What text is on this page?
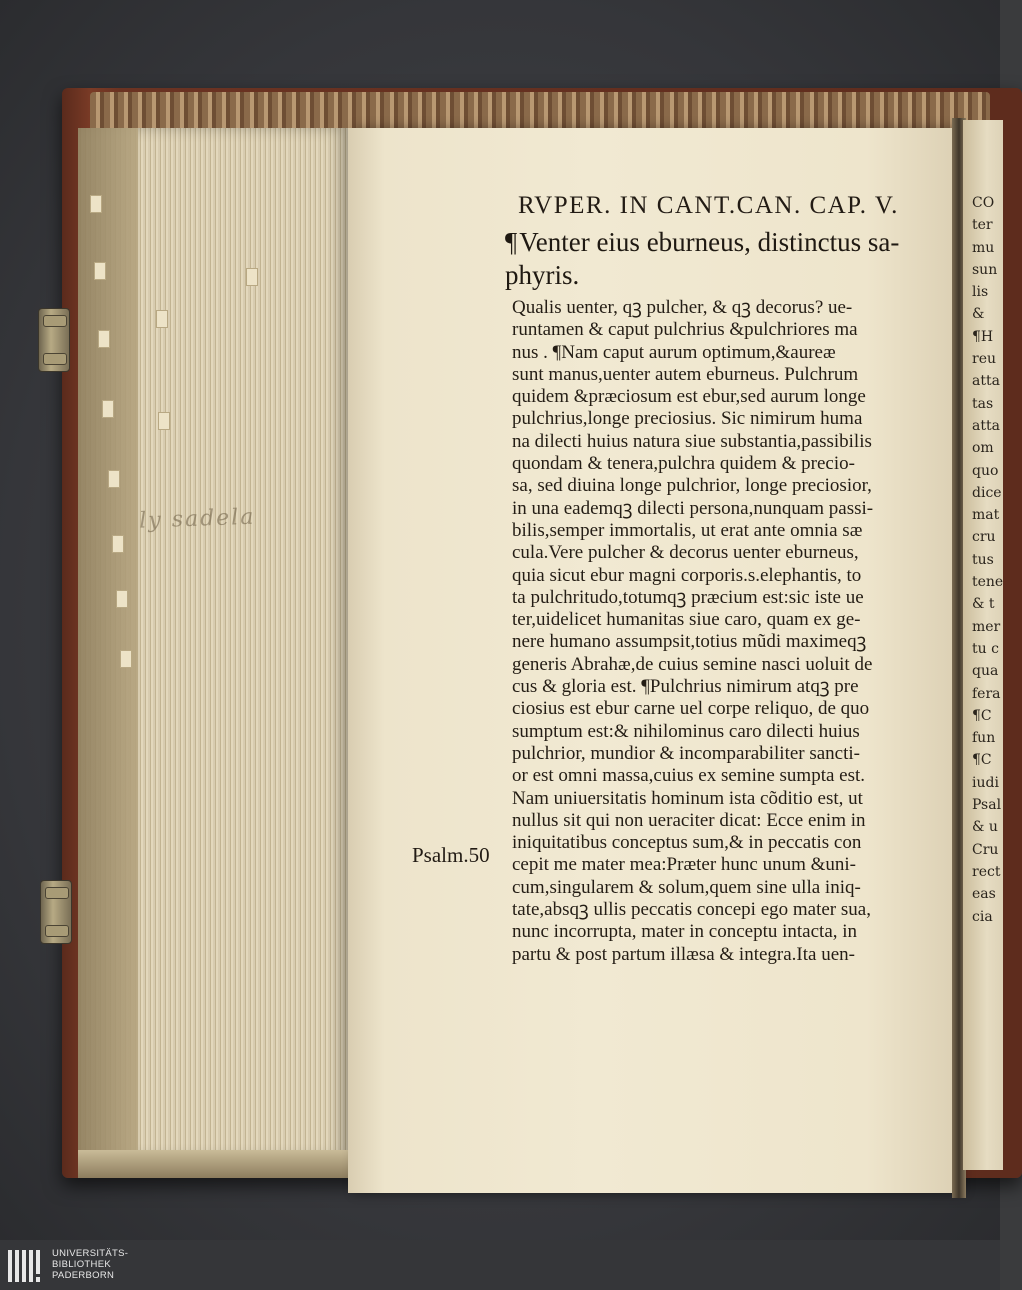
ly sadela
CO
ter
mu
sun
lis
&
¶H
reu
atta
tas
atta
om
quo
dice
mat
cru
tus
tene
& t
mer
tu c
qua
fera
¶C
fun
¶C
iudi
Psal
& u
Cru
rect
eas
cia
RVPER. IN CANT.CAN. CAP. V.
¶Venter eius eburneus, distinctus sa-
phyris.
Qualis uenter, qꝫ pulcher, & qꝫ decorus? ue-
runtamen & caput pulchrius &pulchriores ma
nus . ¶Nam caput aurum optimum,&aureæ
sunt manus,uenter autem eburneus. Pulchrum
quidem &præciosum est ebur,sed aurum longe
pulchrius,longe preciosius. Sic nimirum huma
na dilecti huius natura siue substantia,passibilis
quondam & tenera,pulchra quidem & precio-
sa, sed diuina longe pulchrior, longe preciosior,
in una eademqꝫ dilecti persona,nunquam passi-
bilis,semper immortalis, ut erat ante omnia sæ
cula.Vere pulcher & decorus uenter eburneus,
quia sicut ebur magni corporis.s.elephantis, to
ta pulchritudo,totumqꝫ præcium est:sic iste ue
ter,uidelicet humanitas siue caro, quam ex ge-
nere humano assumpsit,totius mũdi maximeqꝫ
generis Abrahæ,de cuius semine nasci uoluit de
cus & gloria est. ¶Pulchrius nimirum atqꝫ pre
ciosius est ebur carne uel corpe reliquo, de quo
sumptum est:& nihilominus caro dilecti huius
pulchrior, mundior & incomparabiliter sancti-
or est omni massa,cuius ex semine sumpta est.
Nam uniuersitatis hominum ista cõditio est, ut
nullus sit qui non ueraciter dicat: Ecce enim in
iniquitatibus conceptus sum,& in peccatis con
cepit me mater mea:Præter hunc unum &uni-
cum,singularem & solum,quem sine ulla iniq-
tate,absqꝫ ullis peccatis concepi ego mater sua,
nunc incorrupta, mater in conceptu intacta, in
partu & post partum illæsa & integra.Ita uen-
Psalm.50
UNIVERSITÄTS-
BIBLIOTHEK
PADERBORN
